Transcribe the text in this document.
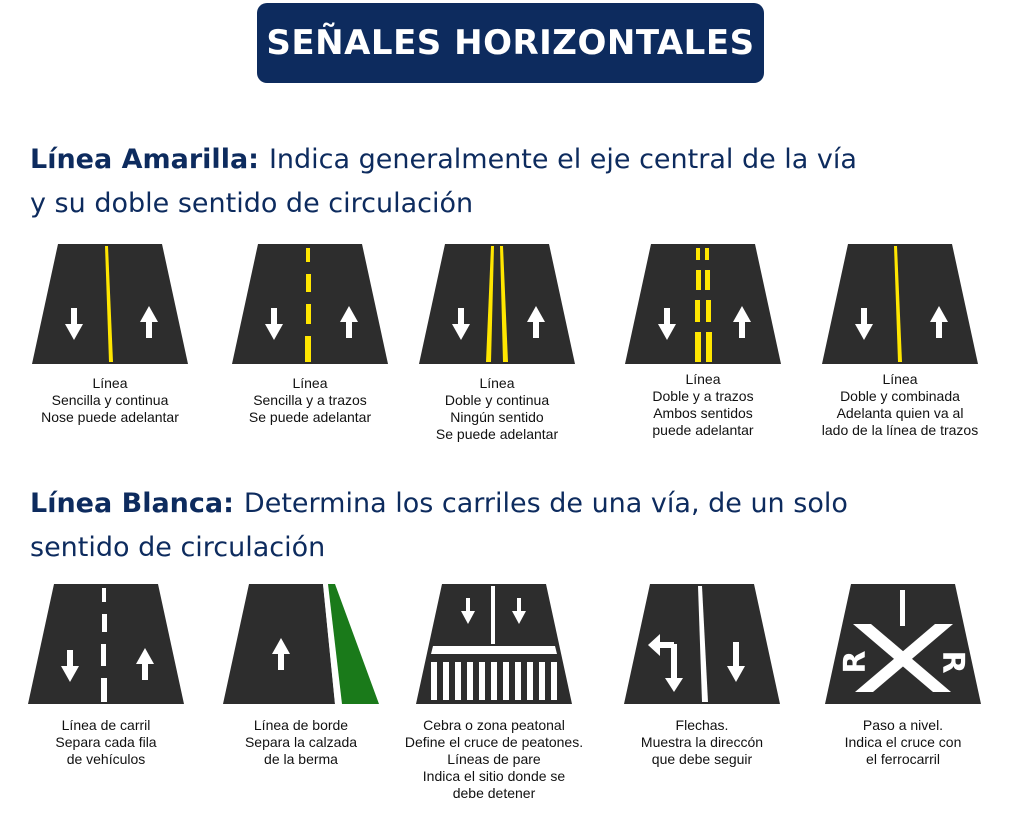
SEÑALES HORIZONTALES
Línea Amarilla: Indica generalmente el eje central de la vía
y su doble sentido de circulación
Línea
Sencilla y continua
Nose puede adelantar
Línea
Sencilla y a trazos
Se puede adelantar
Línea
Doble y continua
Ningún sentido
Se puede adelantar
Línea
Doble y a trazos
Ambos sentidos
puede adelantar
Línea
Doble y combinada
Adelanta quien va al
lado de la línea de trazos
Línea Blanca: Determina los carriles de una vía, de un solo
sentido de circulación
R R
Línea de carril
Separa cada fila
de vehículos
Línea de borde
Separa la calzada
de la berma
Cebra o zona peatonal
Define el cruce de peatones.
Líneas de pare
Indica el sitio donde se
debe detener
Flechas.
Muestra la direccón
que debe seguir
Paso a nivel.
Indica el cruce con
el ferrocarril
